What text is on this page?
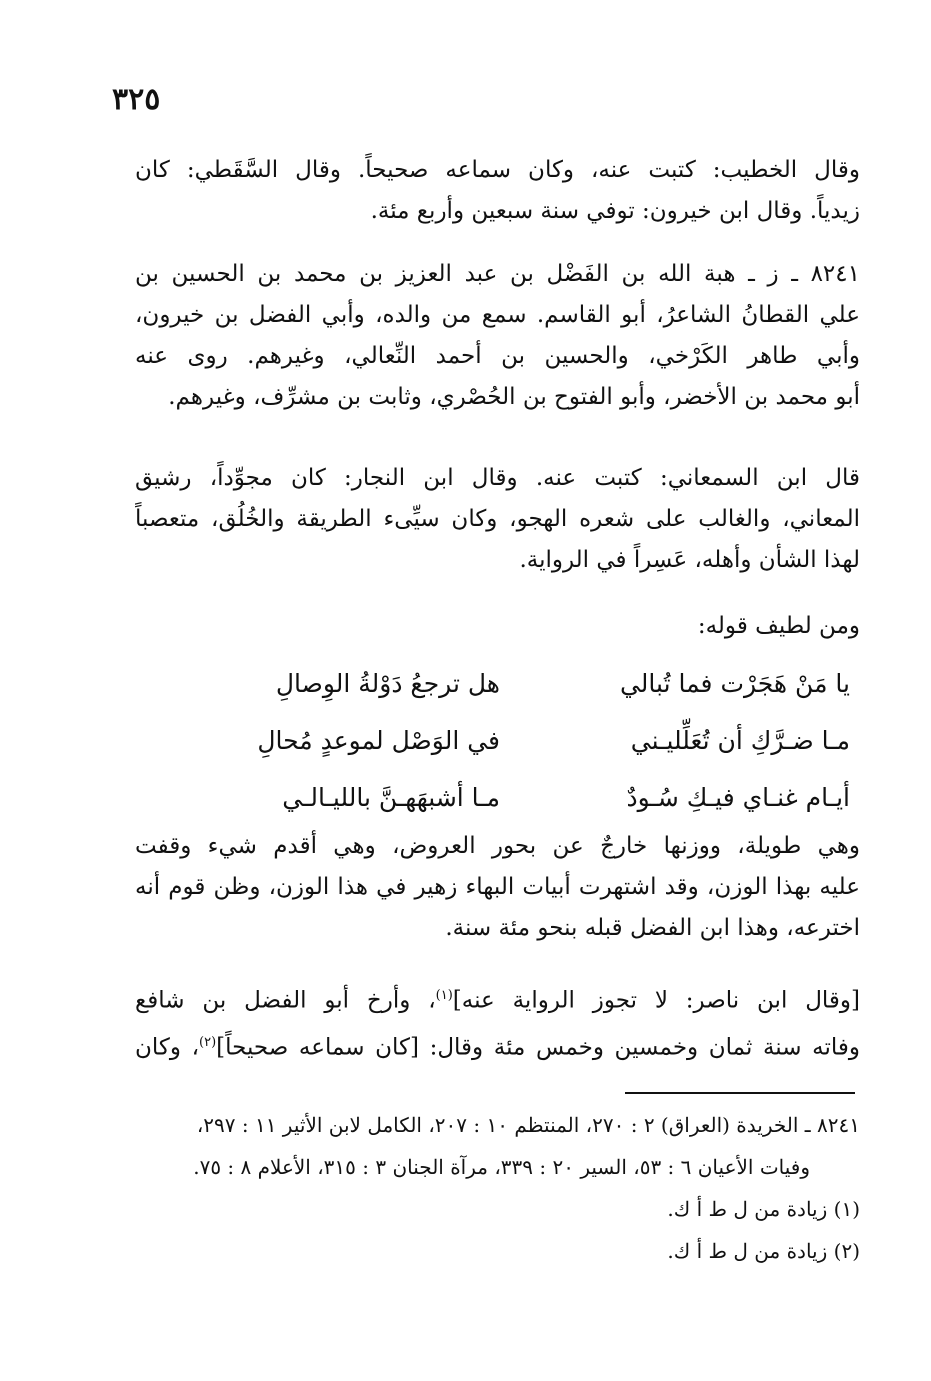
٣٢٥
وقال الخطيب: كتبت عنه، وكان سماعه صحيحاً. وقال السَّقَطي: كان
زيدياً. وقال ابن خيرون: توفي سنة سبعين وأربع مئة.
٨٢٤١ ـ ز ـ هبة الله بن الفَضْل بن عبد العزيز بن محمد بن الحسين بن
علي القطانُ الشاعرُ، أبو القاسم. سمع من والده، وأبي الفضل بن خيرون،
وأبي طاهر الكَرْخي، والحسين بن أحمد النِّعالي، وغيرهم. روى عنه
أبو محمد بن الأخضر، وأبو الفتوح بن الحُصْري، وثابت بن مشرِّف، وغيرهم.
قال ابن السمعاني: كتبت عنه. وقال ابن النجار: كان مجوِّداً، رشيق
المعاني، والغالب على شعره الهجو، وكان سيِّىء الطريقة والخُلُق، متعصباً
لهذا الشأن وأهله، عَسِراً في الرواية.
ومن لطيف قوله:
يا مَنْ هَجَرْت فما تُبالي
هل ترجعُ دَوْلةُ الوِصالِ
مـا ضـرَّكِ أن تُعَلِّليـني
في الوَصْل لموعدٍ مُحالِ
أيـام غنـاي فيـكِ سُـودٌ
مـا أشبهَهـنَّ بالليـالـي
وهي طويلة، ووزنها خارجٌ عن بحور العروض، وهي أقدم شيء وقفت
عليه بهذا الوزن، وقد اشتهرت أبيات البهاء زهير في هذا الوزن، وظن قوم أنه
اخترعه، وهذا ابن الفضل قبله بنحو مئة سنة.
[وقال ابن ناصر: لا تجوز الرواية عنه]$^{(١)}$، وأرخ أبو الفضل بن شافع
وفاته سنة ثمان وخمسين وخمس مئة وقال: [كان سماعه صحيحاً]$^{(٢)}$، وكان
٨٢٤١ ـ الخريدة (العراق) ٢ : ٢٧٠، المنتظم ١٠ : ٢٠٧، الكامل لابن الأثير ١١ : ٢٩٧،
وفيات الأعيان ٦ : ٥٣، السير ٢٠ : ٣٣٩، مرآة الجنان ٣ : ٣١٥، الأعلام ٨ : ٧٥.
(١) زيادة من ل ط أ ك.
(٢) زيادة من ل ط أ ك.
